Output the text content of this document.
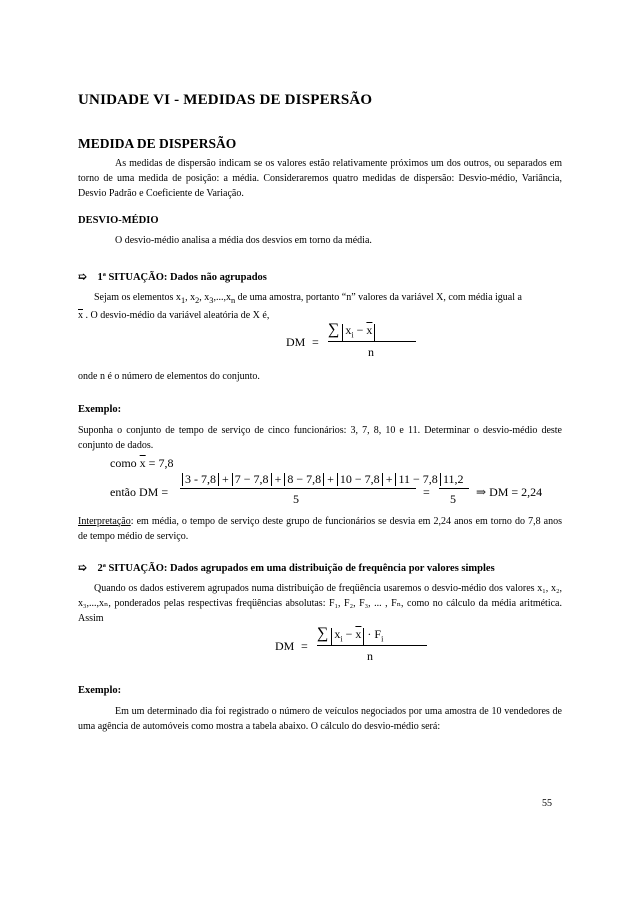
UNIDADE VI - MEDIDAS DE DISPERSÃO
MEDIDA DE DISPERSÃO
As medidas de dispersão indicam se os valores estão relativamente próximos um dos outros, ou separados em torno de uma medida de posição: a média. Consideraremos quatro medidas de dispersão: Desvio-médio, Variância, Desvio Padrão e Coeficiente de Variação.
DESVIO-MÉDIO
O desvio-médio analisa a média dos desvios em torno da média.
➯ 1ª SITUAÇÃO: Dados não agrupados
Sejam os elementos $x_1$, $x_2$, $x_3,...,x_n$ de uma amostra, portanto “n” valores da variável X, com média igual a
$\overline{x}$ . O desvio-médio da variável aleatória de X é,
DM =
∑ $x_i - \overline{x}$
n
onde n é o número de elementos do conjunto.
Exemplo:
Suponha o conjunto de tempo de serviço de cinco funcionários: 3, 7, 8, 10 e 11. Determinar o desvio-médio deste conjunto de dados.
como $\overline{x} = 7,8$
então DM =
3 - 7,8 + 7 − 7,8 + 8 − 7,8 + 10 − 7,8 + 11 − 7,8
5	=
11,2
5 ⇒ DM = 2,24
Interpretação: em média, o tempo de serviço deste grupo de funcionários se desvia em 2,24 anos em torno do 7,8 anos de tempo médio de serviço.
➯ 2ª SITUAÇÃO: Dados agrupados em uma distribuição de frequência por valores simples
Quando os dados estiverem agrupados numa distribuição de freqüência usaremos o desvio-médio dos valores x₁, x₂, x₃,...,xₙ, ponderados pelas respectivas freqüências absolutas: F₁, F₂, F₃, ... , Fₙ, como no cálculo da média aritmética. Assim
DM =
∑ $x_i - \overline{x} \cdot F_i$
n
Exemplo:
Em um determinado dia foi registrado o número de veículos negociados por uma amostra de 10 vendedores de uma agência de automóveis como mostra a tabela abaixo. O cálculo do desvio-médio será:
55
